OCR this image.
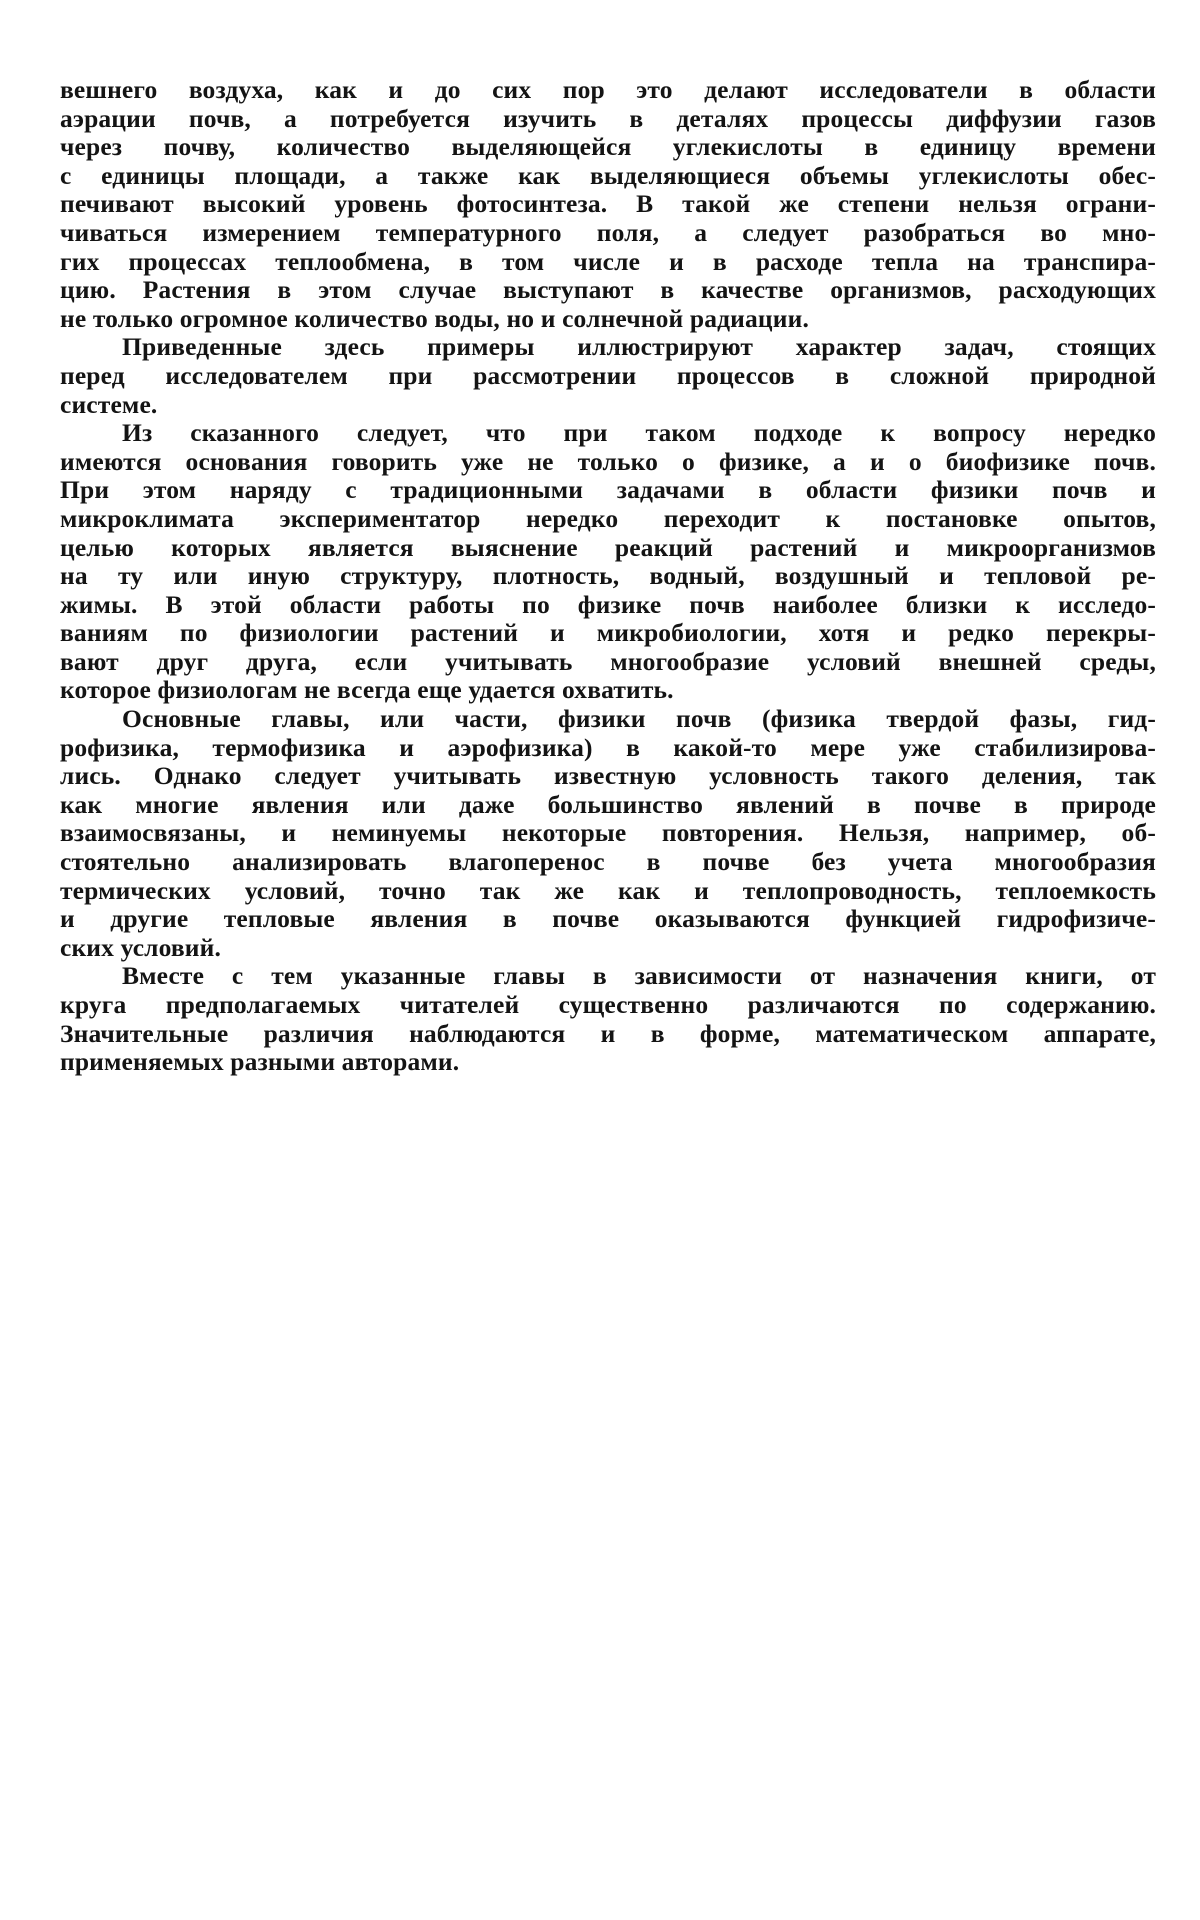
вешнего воздуха, как и до сих пор это делают исследователи в области
аэрации почв, а потребуется изучить в деталях процессы диффузии газов
через почву, количество выделяющейся углекислоты в единицу времени
с единицы площади, а также как выделяющиеся объемы углекислоты обес-
печивают высокий уровень фотосинтеза. В такой же степени нельзя ограни-
чиваться измерением температурного поля, а следует разобраться во мно-
гих процессах теплообмена, в том числе и в расходе тепла на транспира-
цию. Растения в этом случае выступают в качестве организмов, расходующих
не только огромное количество воды, но и солнечной радиации.

Приведенные здесь примеры иллюстрируют характер задач, стоящих
перед исследователем при рассмотрении процессов в сложной природной
системе.

Из сказанного следует, что при таком подходе к вопросу нередко
имеются основания говорить уже не только о физике, а и о биофизике почв.
При этом наряду с традиционными задачами в области физики почв и
микроклимата экспериментатор нередко переходит к постановке опытов,
целью которых является выяснение реакций растений и микроорганизмов
на ту или иную структуру, плотность, водный, воздушный и тепловой ре-
жимы. В этой области работы по физике почв наиболее близки к исследо-
ваниям по физиологии растений и микробиологии, хотя и редко перекры-
вают друг друга, если учитывать многообразие условий внешней среды,
которое физиологам не всегда еще удается охватить.

Основные главы, или части, физики почв (физика твердой фазы, гид-
рофизика, термофизика и аэрофизика) в какой-то мере уже стабилизирова-
лись. Однако следует учитывать известную условность такого деления, так
как многие явления или даже большинство явлений в почве в природе
взаимосвязаны, и неминуемы некоторые повторения. Нельзя, например, об-
стоятельно анализировать влагоперенос в почве без учета многообразия
термических условий, точно так же как и теплопроводность, теплоемкость
и другие тепловые явления в почве оказываются функцией гидрофизиче-
ских условий.

Вместе с тем указанные главы в зависимости от назначения книги, от
круга предполагаемых читателей существенно различаются по содержанию.
Значительные различия наблюдаются и в форме, математическом аппарате,
применяемых разными авторами.
